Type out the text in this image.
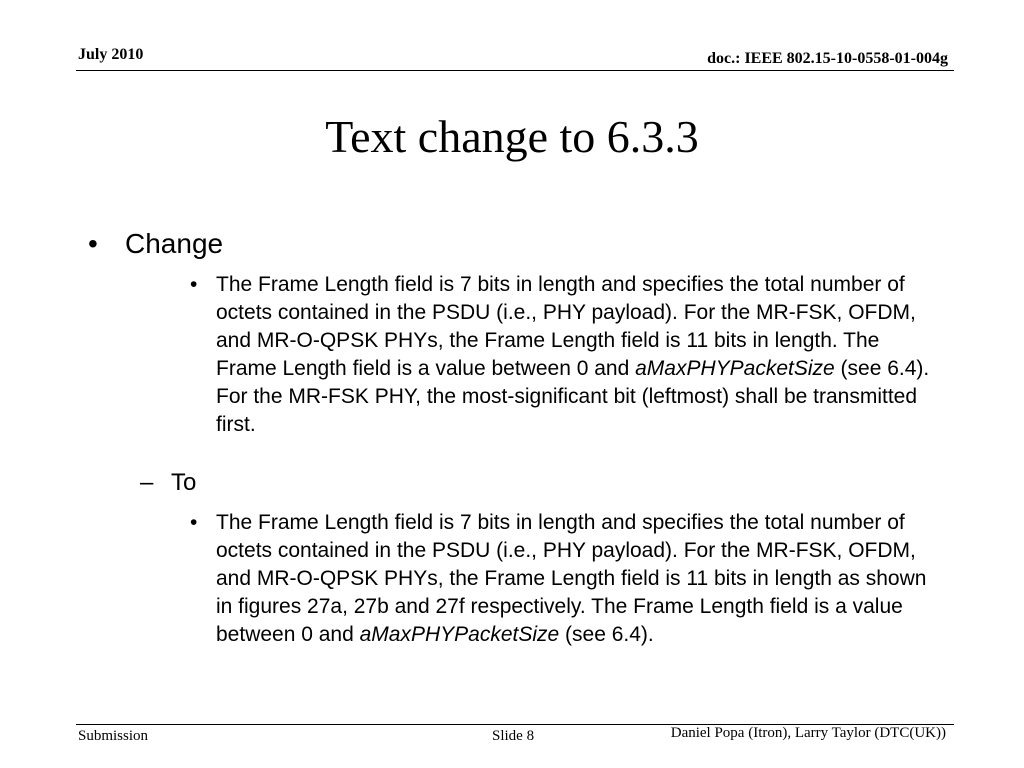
July 2010	doc.: IEEE 802.15-10-0558-01-004g
Text change to 6.3.3
• Change
• The Frame Length field is 7 bits in length and specifies the total number of octets contained in the PSDU (i.e., PHY payload). For the MR-FSK, OFDM, and MR-O-QPSK PHYs, the Frame Length field is 11 bits in length. The Frame Length field is a value between 0 and aMaxPHYPacketSize (see 6.4). For the MR-FSK PHY, the most-significant bit (leftmost) shall be transmitted first.
– To
• The Frame Length field is 7 bits in length and specifies the total number of octets contained in the PSDU (i.e., PHY payload). For the MR-FSK, OFDM, and MR-O-QPSK PHYs, the Frame Length field is 11 bits in length as shown in figures 27a, 27b and 27f respectively. The Frame Length field is a value between 0 and aMaxPHYPacketSize (see 6.4).
Submission	Slide 8	Daniel Popa (Itron), Larry Taylor (DTC(UK))
